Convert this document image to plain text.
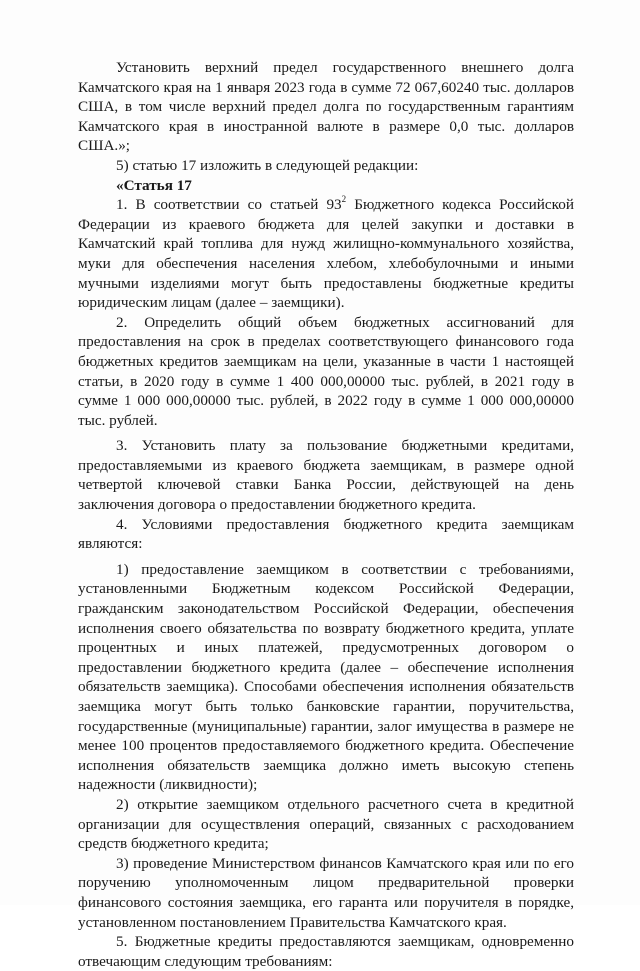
Установить верхний предел государственного внешнего долга Камчатского края на 1 января 2023 года в сумме 72 067,60240 тыс. долларов США, в том числе верхний предел долга по государственным гарантиям Камчатского края в иностранной валюте в размере 0,0 тыс. долларов США.»;

5) статью 17 изложить в следующей редакции:

«Статья 17

1. В соответствии со статьей $93^2$ Бюджетного кодекса Российской Федерации из краевого бюджета для целей закупки и доставки в Камчатский край топлива для нужд жилищно-коммунального хозяйства, муки для обеспечения населения хлебом, хлебобулочными и иными мучными изделиями могут быть предоставлены бюджетные кредиты юридическим лицам (далее – заемщики).

2. Определить общий объем бюджетных ассигнований для предоставления на срок в пределах соответствующего финансового года бюджетных кредитов заемщикам на цели, указанные в части 1 настоящей статьи, в 2020 году в сумме 1 400 000,00000 тыс. рублей, в 2021 году в сумме 1 000 000,00000 тыс. рублей, в 2022 году в сумме 1 000 000,00000 тыс. рублей.

3. Установить плату за пользование бюджетными кредитами, предоставляемыми из краевого бюджета заемщикам, в размере одной четвертой ключевой ставки Банка России, действующей на день заключения договора о предоставлении бюджетного кредита.

4. Условиями предоставления бюджетного кредита заемщикам являются:

1) предоставление заемщиком в соответствии с требованиями, установленными Бюджетным кодексом Российской Федерации, гражданским законодательством Российской Федерации, обеспечения исполнения своего обязательства по возврату бюджетного кредита, уплате процентных и иных платежей, предусмотренных договором о предоставлении бюджетного кредита (далее – обеспечение исполнения обязательств заемщика). Способами обеспечения исполнения обязательств заемщика могут быть только банковские гарантии, поручительства, государственные (муниципальные) гарантии, залог имущества в размере не менее 100 процентов предоставляемого бюджетного кредита. Обеспечение исполнения обязательств заемщика должно иметь высокую степень надежности (ликвидности);

2) открытие заемщиком отдельного расчетного счета в кредитной организации для осуществления операций, связанных с расходованием средств бюджетного кредита;

3) проведение Министерством финансов Камчатского края или по его поручению уполномоченным лицом предварительной проверки финансового состояния заемщика, его гаранта или поручителя в порядке, установленном постановлением Правительства Камчатского края.

5. Бюджетные кредиты предоставляются заемщикам, одновременно отвечающим следующим требованиям:
